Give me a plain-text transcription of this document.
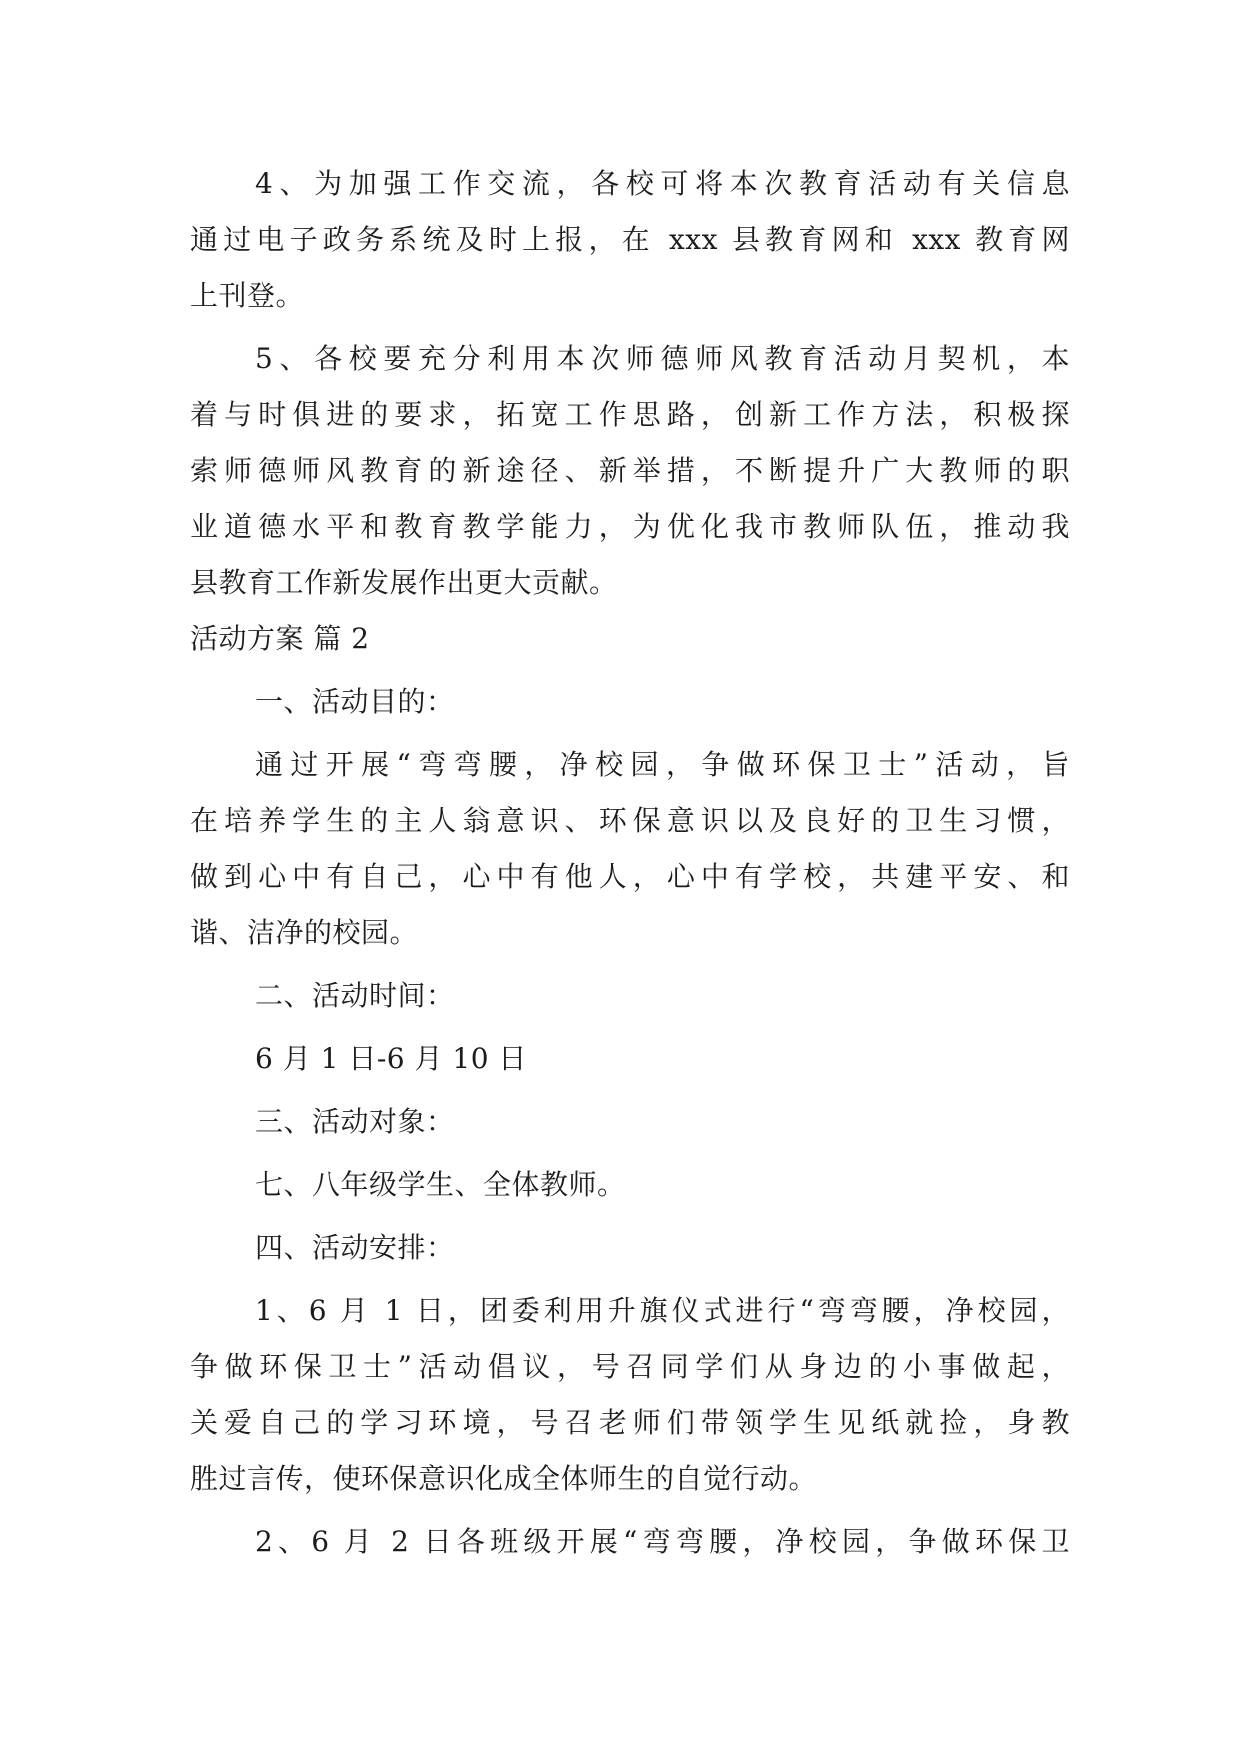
4、为加强工作交流，各校可将本次教育活动有关信息
通过电子政务系统及时上报，在 xxx 县教育网和 xxx 教育网
上刊登。
5、各校要充分利用本次师德师风教育活动月契机，本
着与时俱进的要求，拓宽工作思路，创新工作方法，积极探
索师德师风教育的新途径、新举措，不断提升广大教师的职
业道德水平和教育教学能力，为优化我市教师队伍，推动我
县教育工作新发展作出更大贡献。
活动方案 篇 2
一、活动目的：
通过开展“弯弯腰，净校园，争做环保卫士”活动，旨
在培养学生的主人翁意识、环保意识以及良好的卫生习惯，
做到心中有自己，心中有他人，心中有学校，共建平安、和
谐、洁净的校园。
二、活动时间：
6 月 1 日-6 月 10 日
三、活动对象：
七、八年级学生、全体教师。
四、活动安排：
1、6 月 1 日，团委利用升旗仪式进行“弯弯腰，净校园，
争做环保卫士”活动倡议，号召同学们从身边的小事做起，
关爱自己的学习环境，号召老师们带领学生见纸就捡，身教
胜过言传，使环保意识化成全体师生的自觉行动。
2、6 月 2 日各班级开展“弯弯腰，净校园，争做环保卫
